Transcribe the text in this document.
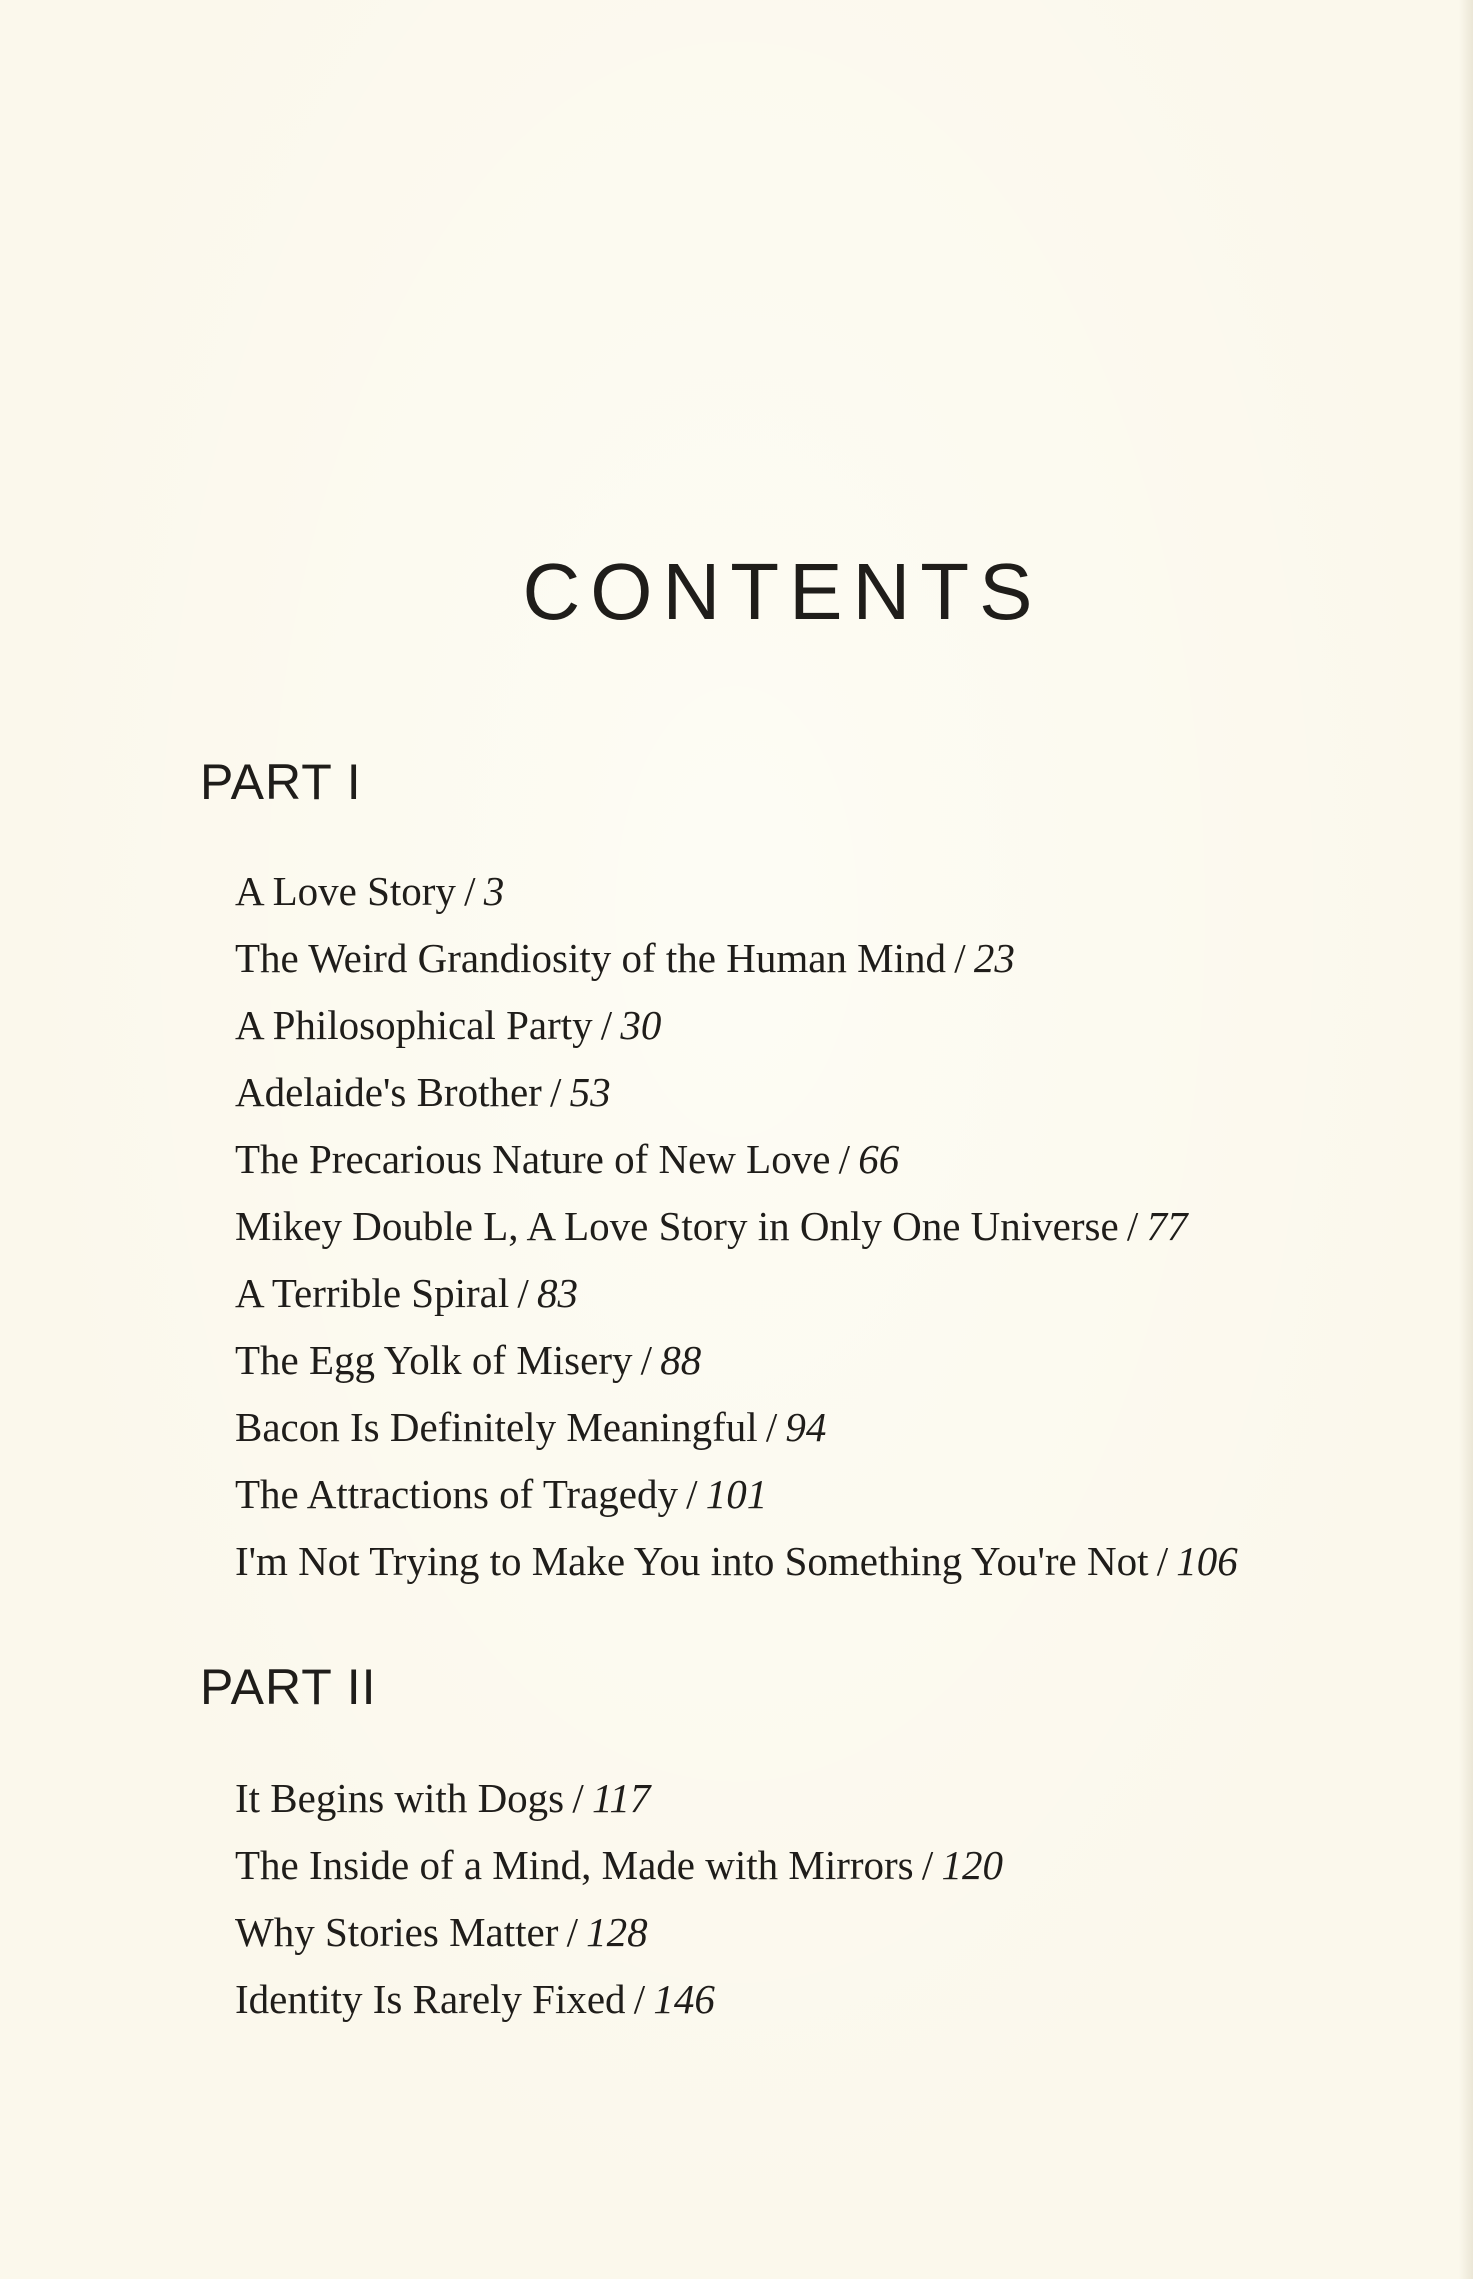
CONTENTS
PART I
A Love Story / 3
The Weird Grandiosity of the Human Mind / 23
A Philosophical Party / 30
Adelaide's Brother / 53
The Precarious Nature of New Love / 66
Mikey Double L, A Love Story in Only One Universe / 77
A Terrible Spiral / 83
The Egg Yolk of Misery / 88
Bacon Is Definitely Meaningful / 94
The Attractions of Tragedy / 101
I'm Not Trying to Make You into Something You're Not / 106
PART II
It Begins with Dogs / 117
The Inside of a Mind, Made with Mirrors / 120
Why Stories Matter / 128
Identity Is Rarely Fixed / 146
